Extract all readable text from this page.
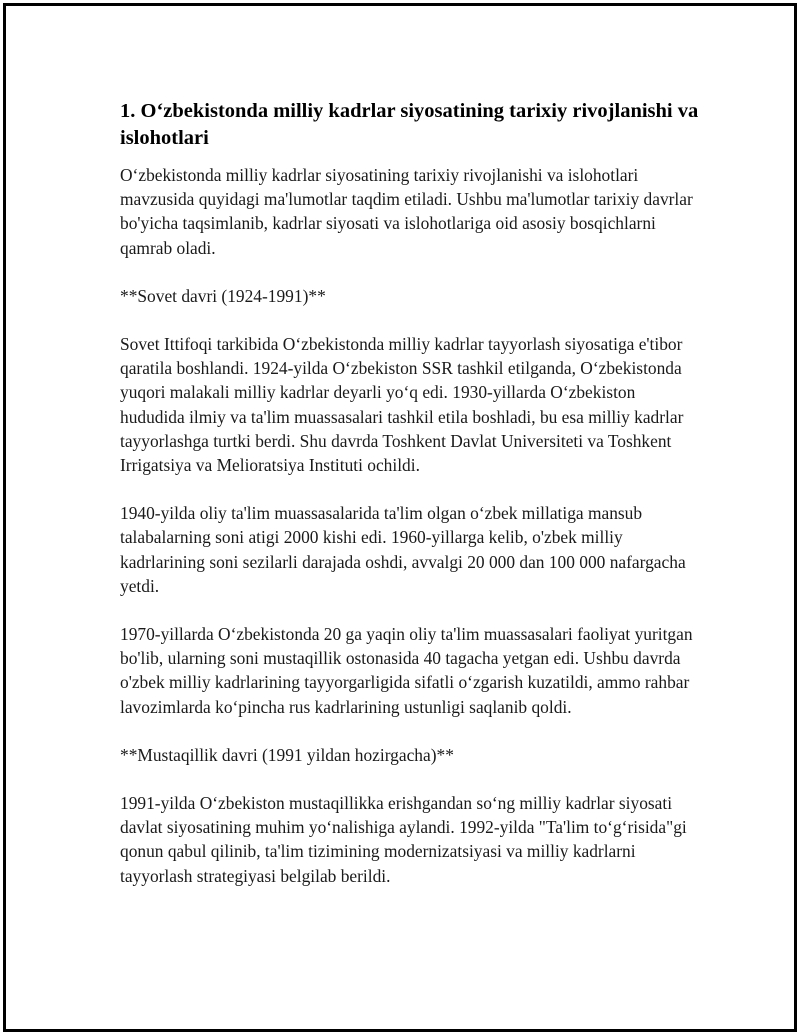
1. O‘zbekistonda milliy kadrlar siyosatining tarixiy rivojlanishi va islohotlari

O‘zbekistonda milliy kadrlar siyosatining tarixiy rivojlanishi va islohotlari mavzusida quyidagi ma'lumotlar taqdim etiladi. Ushbu ma'lumotlar tarixiy davrlar bo'yicha taqsimlanib, kadrlar siyosati va islohotlariga oid asosiy bosqichlarni qamrab oladi.

**Sovet davri (1924-1991)**

Sovet Ittifoqi tarkibida O‘zbekistonda milliy kadrlar tayyorlash siyosatiga e'tibor qaratila boshlandi. 1924-yilda O‘zbekiston SSR tashkil etilganda, O‘zbekistonda yuqori malakali milliy kadrlar deyarli yo‘q edi. 1930-yillarda O‘zbekiston hududida ilmiy va ta'lim muassasalari tashkil etila boshladi, bu esa milliy kadrlar tayyorlashga turtki berdi. Shu davrda Toshkent Davlat Universiteti va Toshkent Irrigatsiya va Melioratsiya Instituti ochildi.

1940-yilda oliy ta'lim muassasalarida ta'lim olgan o‘zbek millatiga mansub talabalarning soni atigi 2000 kishi edi. 1960-yillarga kelib, o'zbek milliy kadrlarining soni sezilarli darajada oshdi, avvalgi 20 000 dan 100 000 nafargacha yetdi.

1970-yillarda O‘zbekistonda 20 ga yaqin oliy ta'lim muassasalari faoliyat yuritgan bo'lib, ularning soni mustaqillik ostonasida 40 tagacha yetgan edi. Ushbu davrda o'zbek milliy kadrlarining tayyorgarligida sifatli o‘zgarish kuzatildi, ammo rahbar lavozimlarda ko‘pincha rus kadrlarining ustunligi saqlanib qoldi.

**Mustaqillik davri (1991 yildan hozirgacha)**

1991-yilda O‘zbekiston mustaqillikka erishgandan so‘ng milliy kadrlar siyosati davlat siyosatining muhim yo‘nalishiga aylandi. 1992-yilda "Ta'lim to‘g‘risida"gi qonun qabul qilinib, ta'lim tizimining modernizatsiyasi va milliy kadrlarni tayyorlash strategiyasi belgilab berildi.
